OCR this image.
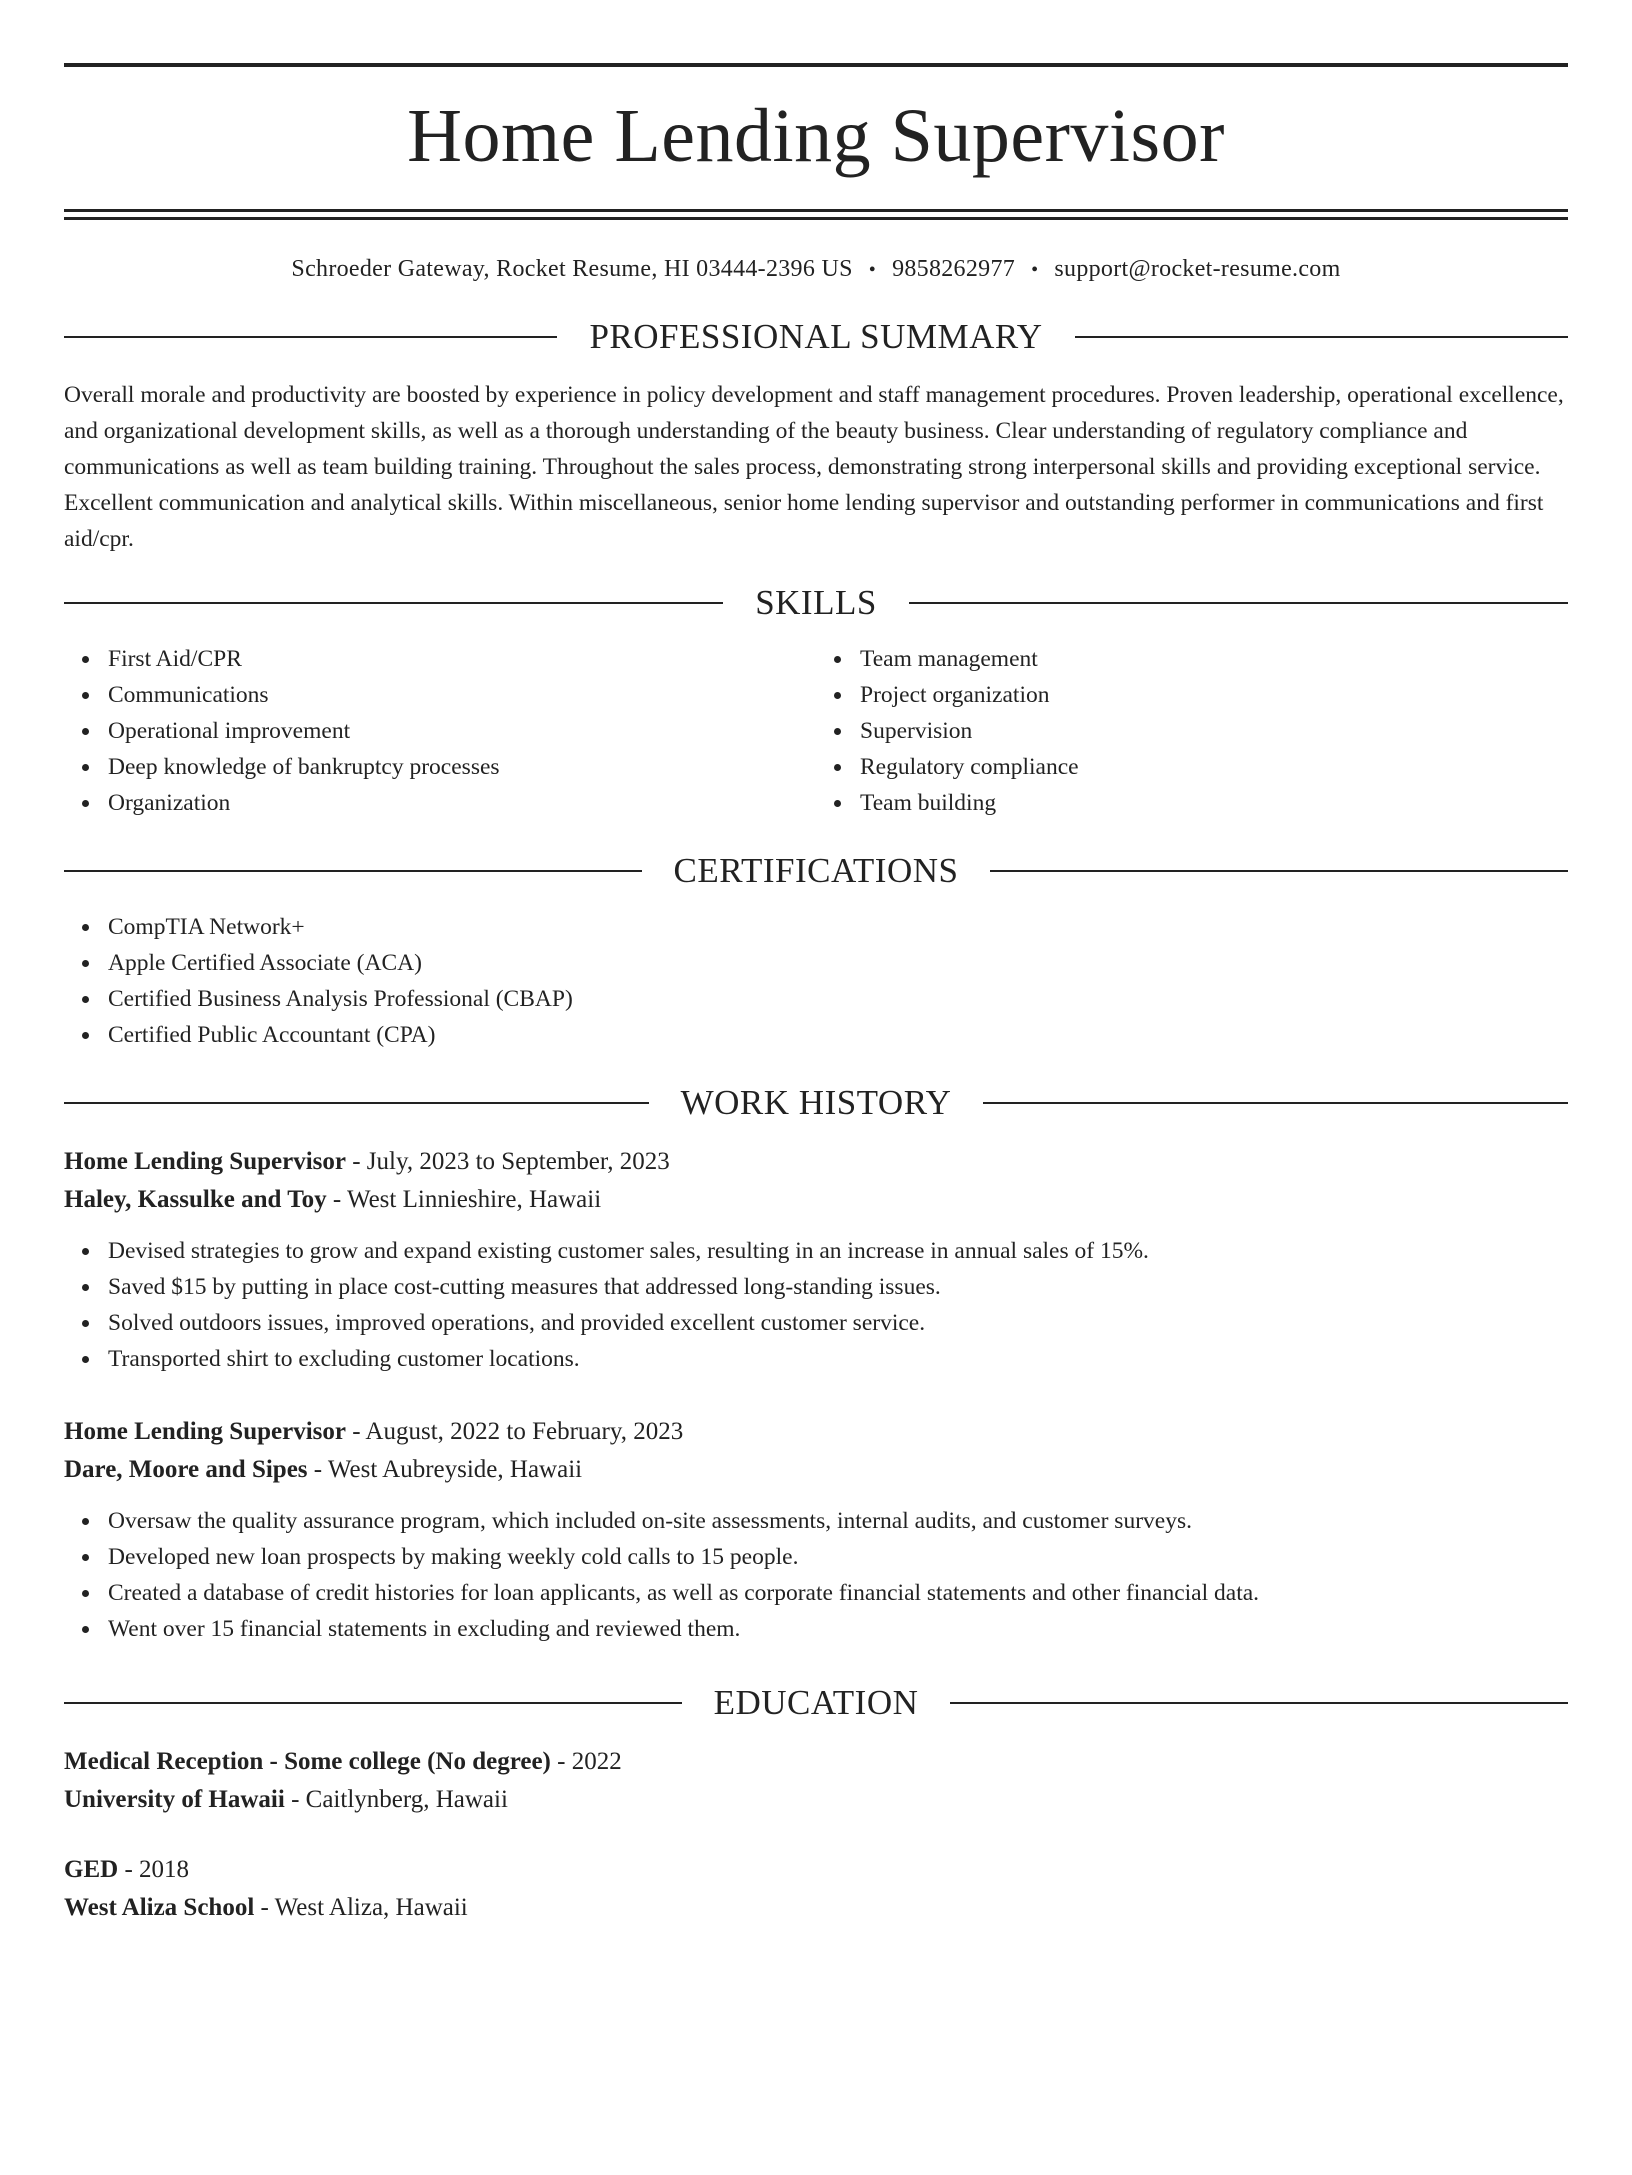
Home Lending Supervisor
Schroeder Gateway, Rocket Resume, HI 03444-2396 US • 9858262977 • support@rocket-resume.com
PROFESSIONAL SUMMARY
Overall morale and productivity are boosted by experience in policy development and staff management procedures. Proven leadership, operational excellence, and organizational development skills, as well as a thorough understanding of the beauty business. Clear understanding of regulatory compliance and communications as well as team building training. Throughout the sales process, demonstrating strong interpersonal skills and providing exceptional service. Excellent communication and analytical skills. Within miscellaneous, senior home lending supervisor and outstanding performer in communications and first aid/cpr.
SKILLS
First Aid/CPR
Communications
Operational improvement
Deep knowledge of bankruptcy processes
Organization
Team management
Project organization
Supervision
Regulatory compliance
Team building
CERTIFICATIONS
CompTIA Network+
Apple Certified Associate (ACA)
Certified Business Analysis Professional (CBAP)
Certified Public Accountant (CPA)
WORK HISTORY
Home Lending Supervisor - July, 2023 to September, 2023
Haley, Kassulke and Toy - West Linnieshire, Hawaii
Devised strategies to grow and expand existing customer sales, resulting in an increase in annual sales of 15%.
Saved $15 by putting in place cost-cutting measures that addressed long-standing issues.
Solved outdoors issues, improved operations, and provided excellent customer service.
Transported shirt to excluding customer locations.
Home Lending Supervisor - August, 2022 to February, 2023
Dare, Moore and Sipes - West Aubreyside, Hawaii
Oversaw the quality assurance program, which included on-site assessments, internal audits, and customer surveys.
Developed new loan prospects by making weekly cold calls to 15 people.
Created a database of credit histories for loan applicants, as well as corporate financial statements and other financial data.
Went over 15 financial statements in excluding and reviewed them.
EDUCATION
Medical Reception - Some college (No degree) - 2022
University of Hawaii - Caitlynberg, Hawaii
GED - 2018
West Aliza School - West Aliza, Hawaii
